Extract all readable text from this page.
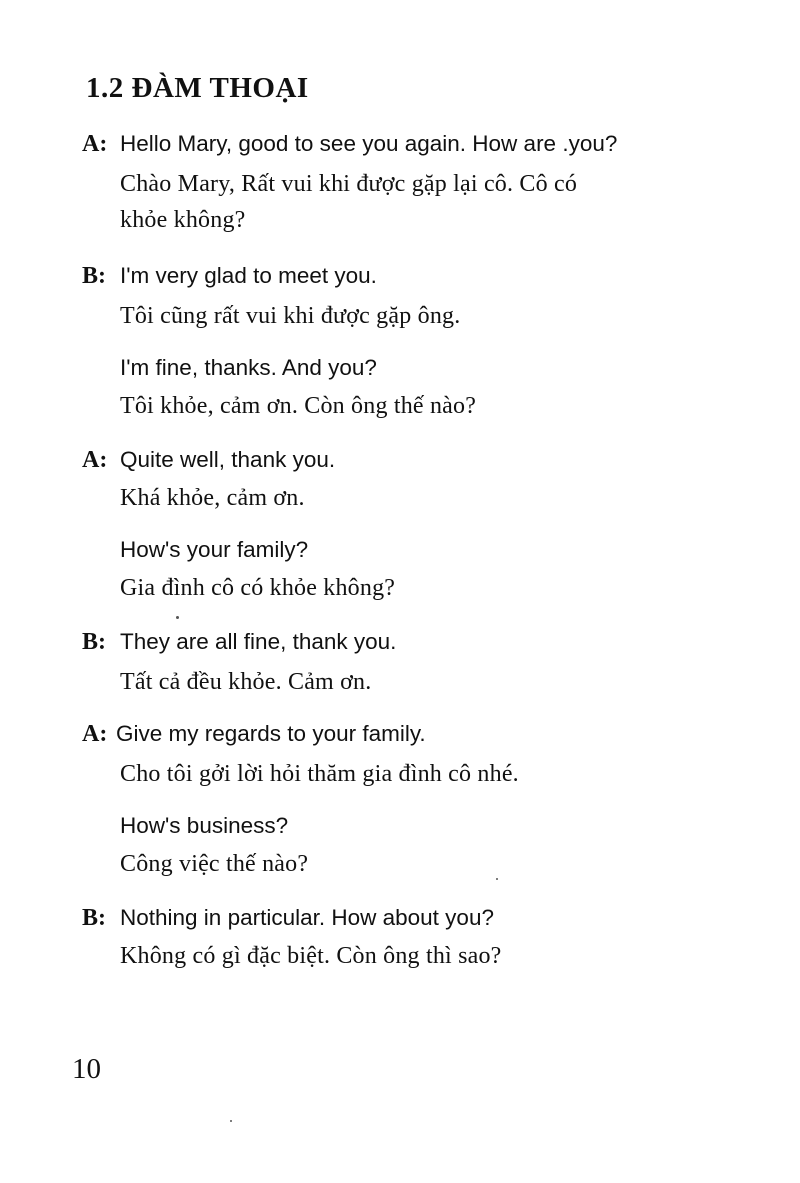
1.2 ĐÀM THOẠI
A: Hello Mary, good to see you again. How are .you?
Chào Mary, Rất vui khi được gặp lại cô. Cô có
khỏe không?
B: I'm very glad to meet you.
Tôi cũng rất vui khi được gặp ông.
I'm fine, thanks. And you?
Tôi khỏe, cảm ơn. Còn ông thế nào?
A: Quite well, thank you.
Khá khỏe, cảm ơn.
How's your family?
Gia đình cô có khỏe không?
B: They are all fine, thank you.
Tất cả đều khỏe. Cảm ơn.
A: Give my regards to your family.
Cho tôi gởi lời hỏi thăm gia đình cô nhé.
How's business?
Công việc thế nào?
B: Nothing in particular. How about you?
Không có gì đặc biệt. Còn ông thì sao?
10
